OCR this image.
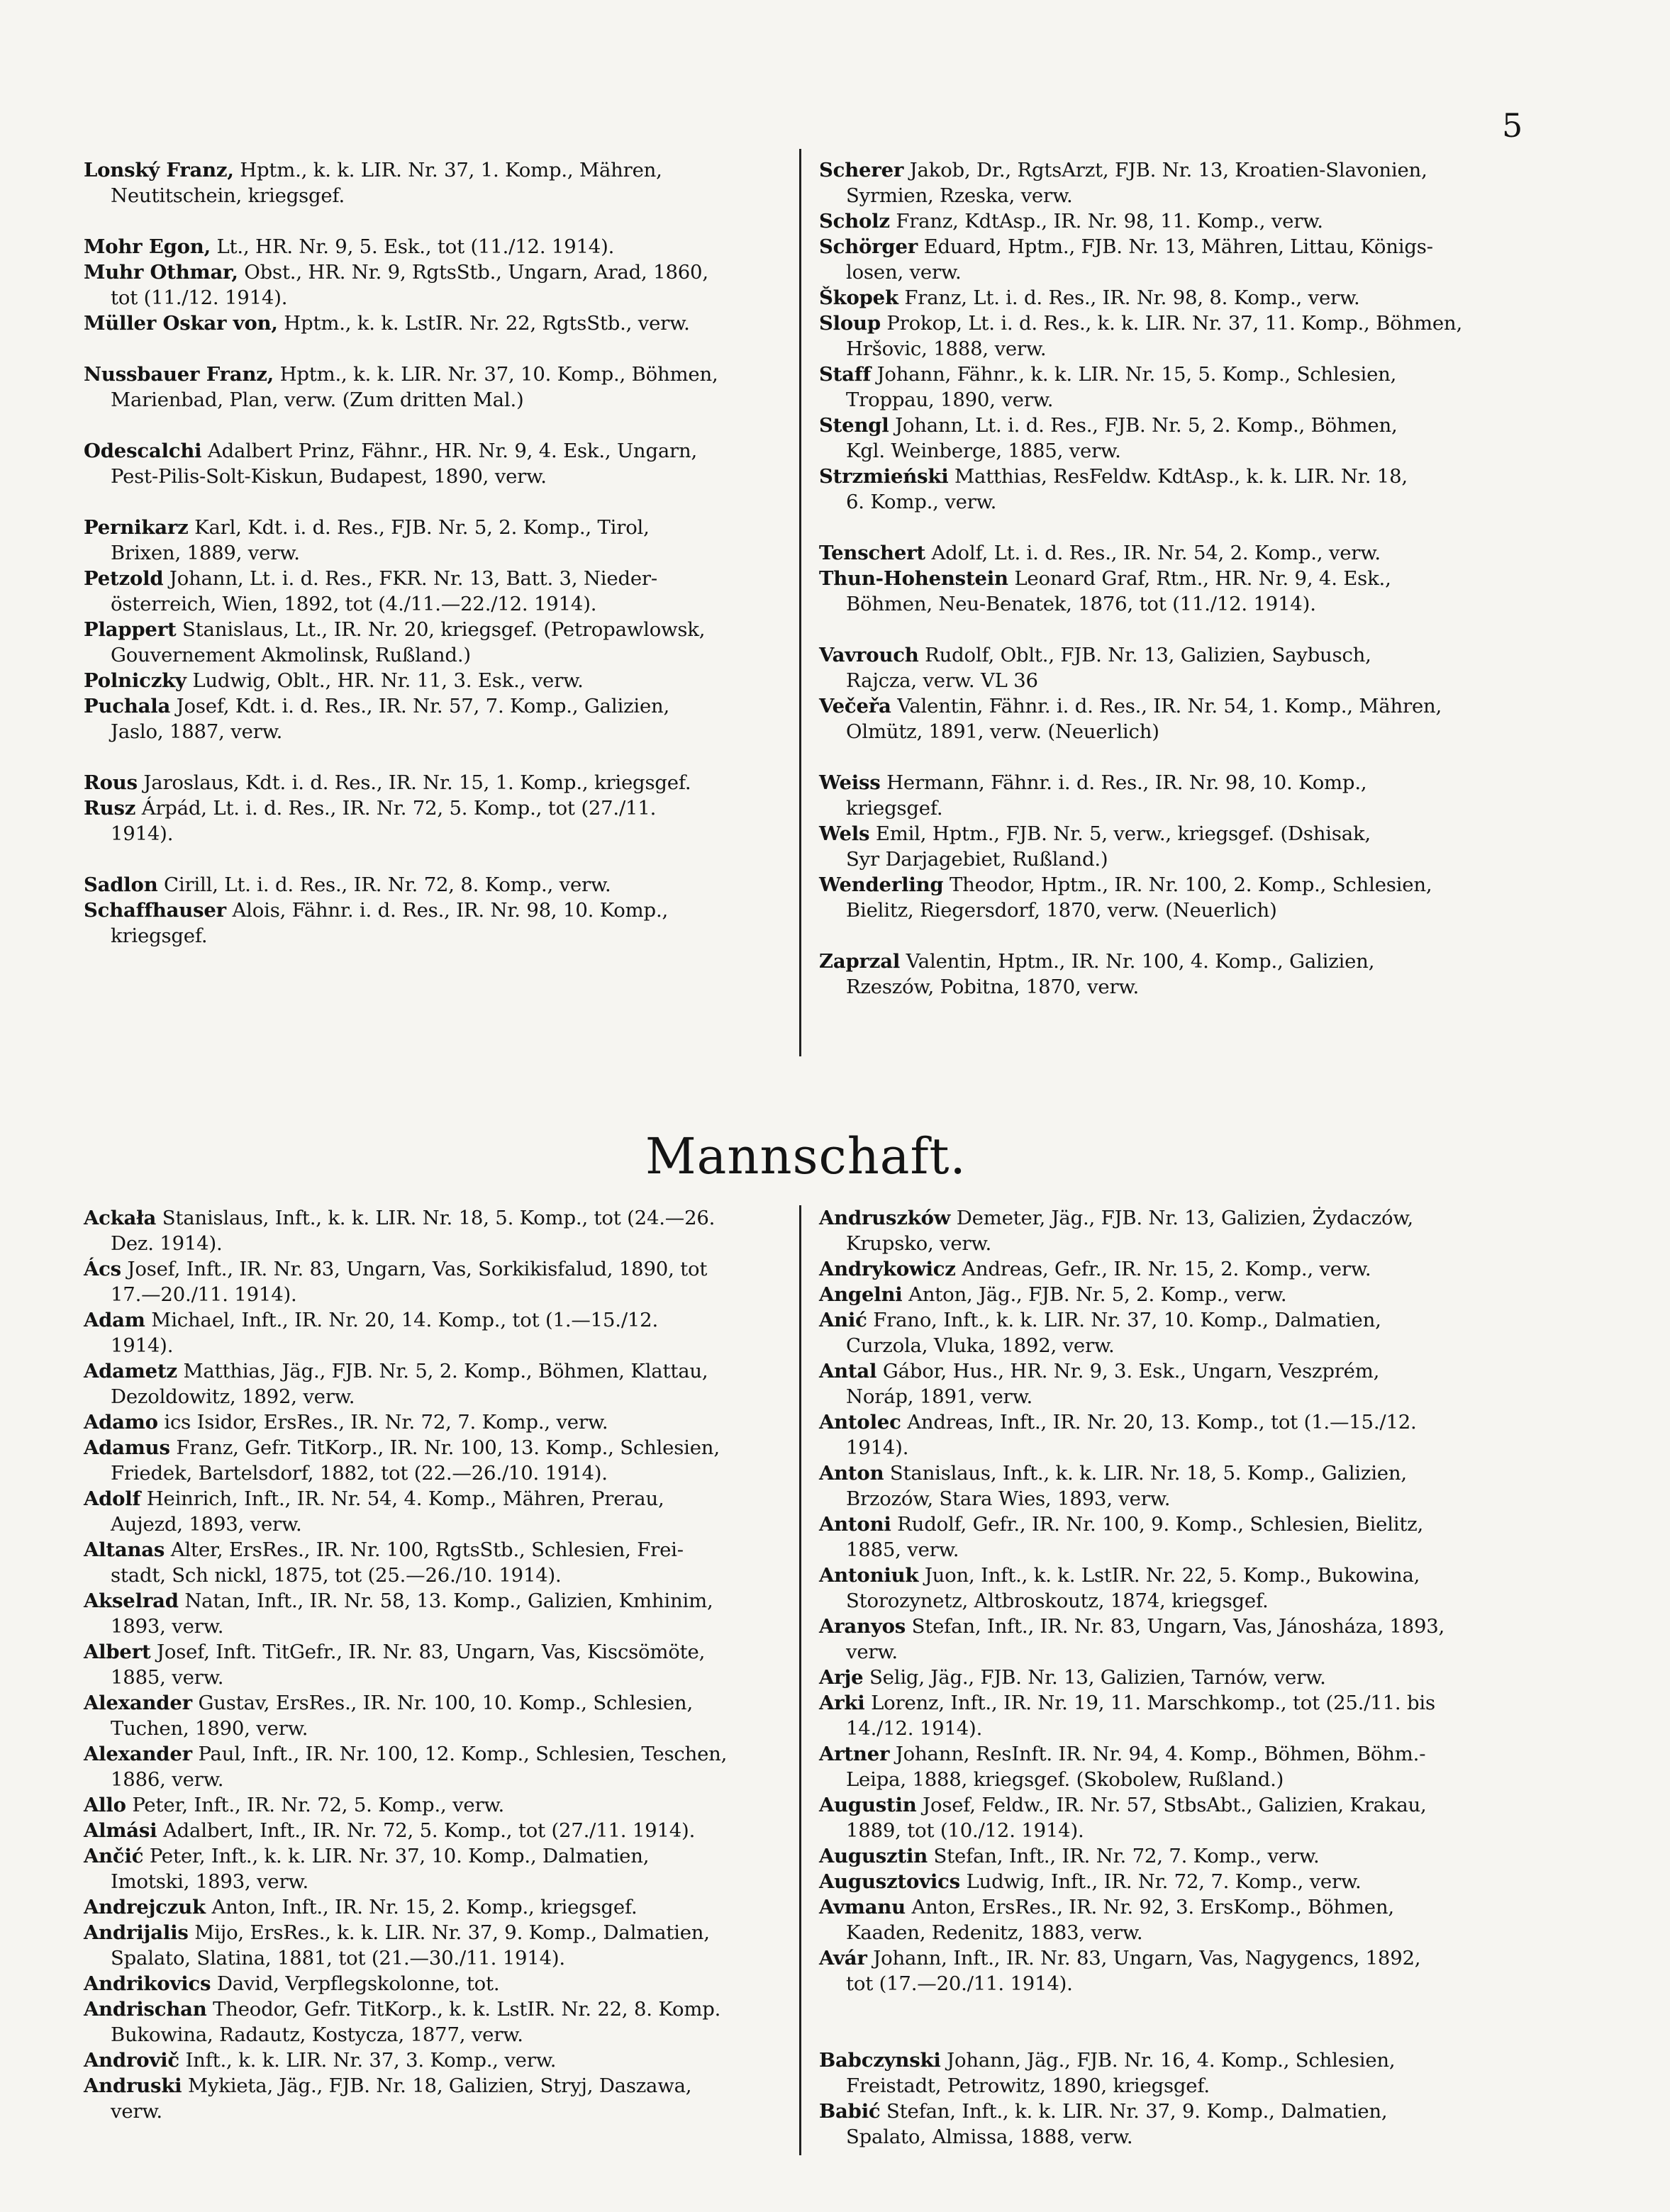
5
Lonský Franz, Hptm., k. k. LIR. Nr. 37, 1. Komp., Mähren,
Neutitschein, kriegsgef.
Mohr Egon, Lt., HR. Nr. 9, 5. Esk., tot (11./12. 1914).
Muhr Othmar, Obst., HR. Nr. 9, RgtsStb., Ungarn, Arad, 1860,
tot (11./12. 1914).
Müller Oskar von, Hptm., k. k. LstIR. Nr. 22, RgtsStb., verw.
Nussbauer Franz, Hptm., k. k. LIR. Nr. 37, 10. Komp., Böhmen,
Marienbad, Plan, verw. (Zum dritten Mal.)
Odescalchi Adalbert Prinz, Fähnr., HR. Nr. 9, 4. Esk., Ungarn,
Pest-Pilis-Solt-Kiskun, Budapest, 1890, verw.
Pernikarz Karl, Kdt. i. d. Res., FJB. Nr. 5, 2. Komp., Tirol,
Brixen, 1889, verw.
Petzold Johann, Lt. i. d. Res., FKR. Nr. 13, Batt. 3, Nieder-
österreich, Wien, 1892, tot (4./11.—22./12. 1914).
Plappert Stanislaus, Lt., IR. Nr. 20, kriegsgef. (Petropawlowsk,
Gouvernement Akmolinsk, Rußland.)
Polniczky Ludwig, Oblt., HR. Nr. 11, 3. Esk., verw.
Puchala Josef, Kdt. i. d. Res., IR. Nr. 57, 7. Komp., Galizien,
Jaslo, 1887, verw.
Rous Jaroslaus, Kdt. i. d. Res., IR. Nr. 15, 1. Komp., kriegsgef.
Rusz Árpád, Lt. i. d. Res., IR. Nr. 72, 5. Komp., tot (27./11.
1914).
Sadlon Cirill, Lt. i. d. Res., IR. Nr. 72, 8. Komp., verw.
Schaffhauser Alois, Fähnr. i. d. Res., IR. Nr. 98, 10. Komp.,
kriegsgef.
Scherer Jakob, Dr., RgtsArzt, FJB. Nr. 13, Kroatien-Slavonien,
Syrmien, Rzeska, verw.
Scholz Franz, KdtAsp., IR. Nr. 98, 11. Komp., verw.
Schörger Eduard, Hptm., FJB. Nr. 13, Mähren, Littau, Königs-
losen, verw.
Škopek Franz, Lt. i. d. Res., IR. Nr. 98, 8. Komp., verw.
Sloup Prokop, Lt. i. d. Res., k. k. LIR. Nr. 37, 11. Komp., Böhmen,
Hršovic, 1888, verw.
Staff Johann, Fähnr., k. k. LIR. Nr. 15, 5. Komp., Schlesien,
Troppau, 1890, verw.
Stengl Johann, Lt. i. d. Res., FJB. Nr. 5, 2. Komp., Böhmen,
Kgl. Weinberge, 1885, verw.
Strzmieński Matthias, ResFeldw. KdtAsp., k. k. LIR. Nr. 18,
6. Komp., verw.
Tenschert Adolf, Lt. i. d. Res., IR. Nr. 54, 2. Komp., verw.
Thun-Hohenstein Leonard Graf, Rtm., HR. Nr. 9, 4. Esk.,
Böhmen, Neu-Benatek, 1876, tot (11./12. 1914).
Vavrouch Rudolf, Oblt., FJB. Nr. 13, Galizien, Saybusch,
Rajcza, verw. VL 36
Večeřa Valentin, Fähnr. i. d. Res., IR. Nr. 54, 1. Komp., Mähren,
Olmütz, 1891, verw. (Neuerlich)
Weiss Hermann, Fähnr. i. d. Res., IR. Nr. 98, 10. Komp.,
kriegsgef.
Wels Emil, Hptm., FJB. Nr. 5, verw., kriegsgef. (Dshisak,
Syr Darjagebiet, Rußland.)
Wenderling Theodor, Hptm., IR. Nr. 100, 2. Komp., Schlesien,
Bielitz, Riegersdorf, 1870, verw. (Neuerlich)
Zaprzal Valentin, Hptm., IR. Nr. 100, 4. Komp., Galizien,
Rzeszów, Pobitna, 1870, verw.
Mannschaft.
Ackała Stanislaus, Inft., k. k. LIR. Nr. 18, 5. Komp., tot (24.—26.
Dez. 1914).
Ács Josef, Inft., IR. Nr. 83, Ungarn, Vas, Sorkikisfalud, 1890, tot
17.—20./11. 1914).
Adam Michael, Inft., IR. Nr. 20, 14. Komp., tot (1.—15./12.
1914).
Adametz Matthias, Jäg., FJB. Nr. 5, 2. Komp., Böhmen, Klattau,
Dezoldowitz, 1892, verw.
Adamo ics Isidor, ErsRes., IR. Nr. 72, 7. Komp., verw.
Adamus Franz, Gefr. TitKorp., IR. Nr. 100, 13. Komp., Schlesien,
Friedek, Bartelsdorf, 1882, tot (22.—26./10. 1914).
Adolf Heinrich, Inft., IR. Nr. 54, 4. Komp., Mähren, Prerau,
Aujezd, 1893, verw.
Altanas Alter, ErsRes., IR. Nr. 100, RgtsStb., Schlesien, Frei-
stadt, Sch nickl, 1875, tot (25.—26./10. 1914).
Akselrad Natan, Inft., IR. Nr. 58, 13. Komp., Galizien, Kmhinim,
1893, verw.
Albert Josef, Inft. TitGefr., IR. Nr. 83, Ungarn, Vas, Kiscsömöte,
1885, verw.
Alexander Gustav, ErsRes., IR. Nr. 100, 10. Komp., Schlesien,
Tuchen, 1890, verw.
Alexander Paul, Inft., IR. Nr. 100, 12. Komp., Schlesien, Teschen,
1886, verw.
Allo Peter, Inft., IR. Nr. 72, 5. Komp., verw.
Almási Adalbert, Inft., IR. Nr. 72, 5. Komp., tot (27./11. 1914).
Ančić Peter, Inft., k. k. LIR. Nr. 37, 10. Komp., Dalmatien,
Imotski, 1893, verw.
Andrejczuk Anton, Inft., IR. Nr. 15, 2. Komp., kriegsgef.
Andrijalis Mijo, ErsRes., k. k. LIR. Nr. 37, 9. Komp., Dalmatien,
Spalato, Slatina, 1881, tot (21.—30./11. 1914).
Andrikovics David, Verpflegskolonne, tot.
Andrischan Theodor, Gefr. TitKorp., k. k. LstIR. Nr. 22, 8. Komp.
Bukowina, Radautz, Kostycza, 1877, verw.
Androvič Inft., k. k. LIR. Nr. 37, 3. Komp., verw.
Andruski Mykieta, Jäg., FJB. Nr. 18, Galizien, Stryj, Daszawa,
verw.
Andruszków Demeter, Jäg., FJB. Nr. 13, Galizien, Żydaczów,
Krupsko, verw.
Andrykowicz Andreas, Gefr., IR. Nr. 15, 2. Komp., verw.
Angelni Anton, Jäg., FJB. Nr. 5, 2. Komp., verw.
Anić Frano, Inft., k. k. LIR. Nr. 37, 10. Komp., Dalmatien,
Curzola, Vluka, 1892, verw.
Antal Gábor, Hus., HR. Nr. 9, 3. Esk., Ungarn, Veszprém,
Noráp, 1891, verw.
Antolec Andreas, Inft., IR. Nr. 20, 13. Komp., tot (1.—15./12.
1914).
Anton Stanislaus, Inft., k. k. LIR. Nr. 18, 5. Komp., Galizien,
Brzozów, Stara Wies, 1893, verw.
Antoni Rudolf, Gefr., IR. Nr. 100, 9. Komp., Schlesien, Bielitz,
1885, verw.
Antoniuk Juon, Inft., k. k. LstIR. Nr. 22, 5. Komp., Bukowina,
Storozynetz, Altbroskoutz, 1874, kriegsgef.
Aranyos Stefan, Inft., IR. Nr. 83, Ungarn, Vas, Jánosháza, 1893,
verw.
Arje Selig, Jäg., FJB. Nr. 13, Galizien, Tarnów, verw.
Arki Lorenz, Inft., IR. Nr. 19, 11. Marschkomp., tot (25./11. bis
14./12. 1914).
Artner Johann, ResInft. IR. Nr. 94, 4. Komp., Böhmen, Böhm.-
Leipa, 1888, kriegsgef. (Skobolew, Rußland.)
Augustin Josef, Feldw., IR. Nr. 57, StbsAbt., Galizien, Krakau,
1889, tot (10./12. 1914).
Augusztin Stefan, Inft., IR. Nr. 72, 7. Komp., verw.
Augusztovics Ludwig, Inft., IR. Nr. 72, 7. Komp., verw.
Avmanu Anton, ErsRes., IR. Nr. 92, 3. ErsKomp., Böhmen,
Kaaden, Redenitz, 1883, verw.
Avár Johann, Inft., IR. Nr. 83, Ungarn, Vas, Nagygencs, 1892,
tot (17.—20./11. 1914).
Babczynski Johann, Jäg., FJB. Nr. 16, 4. Komp., Schlesien,
Freistadt, Petrowitz, 1890, kriegsgef.
Babić Stefan, Inft., k. k. LIR. Nr. 37, 9. Komp., Dalmatien,
Spalato, Almissa, 1888, verw.
